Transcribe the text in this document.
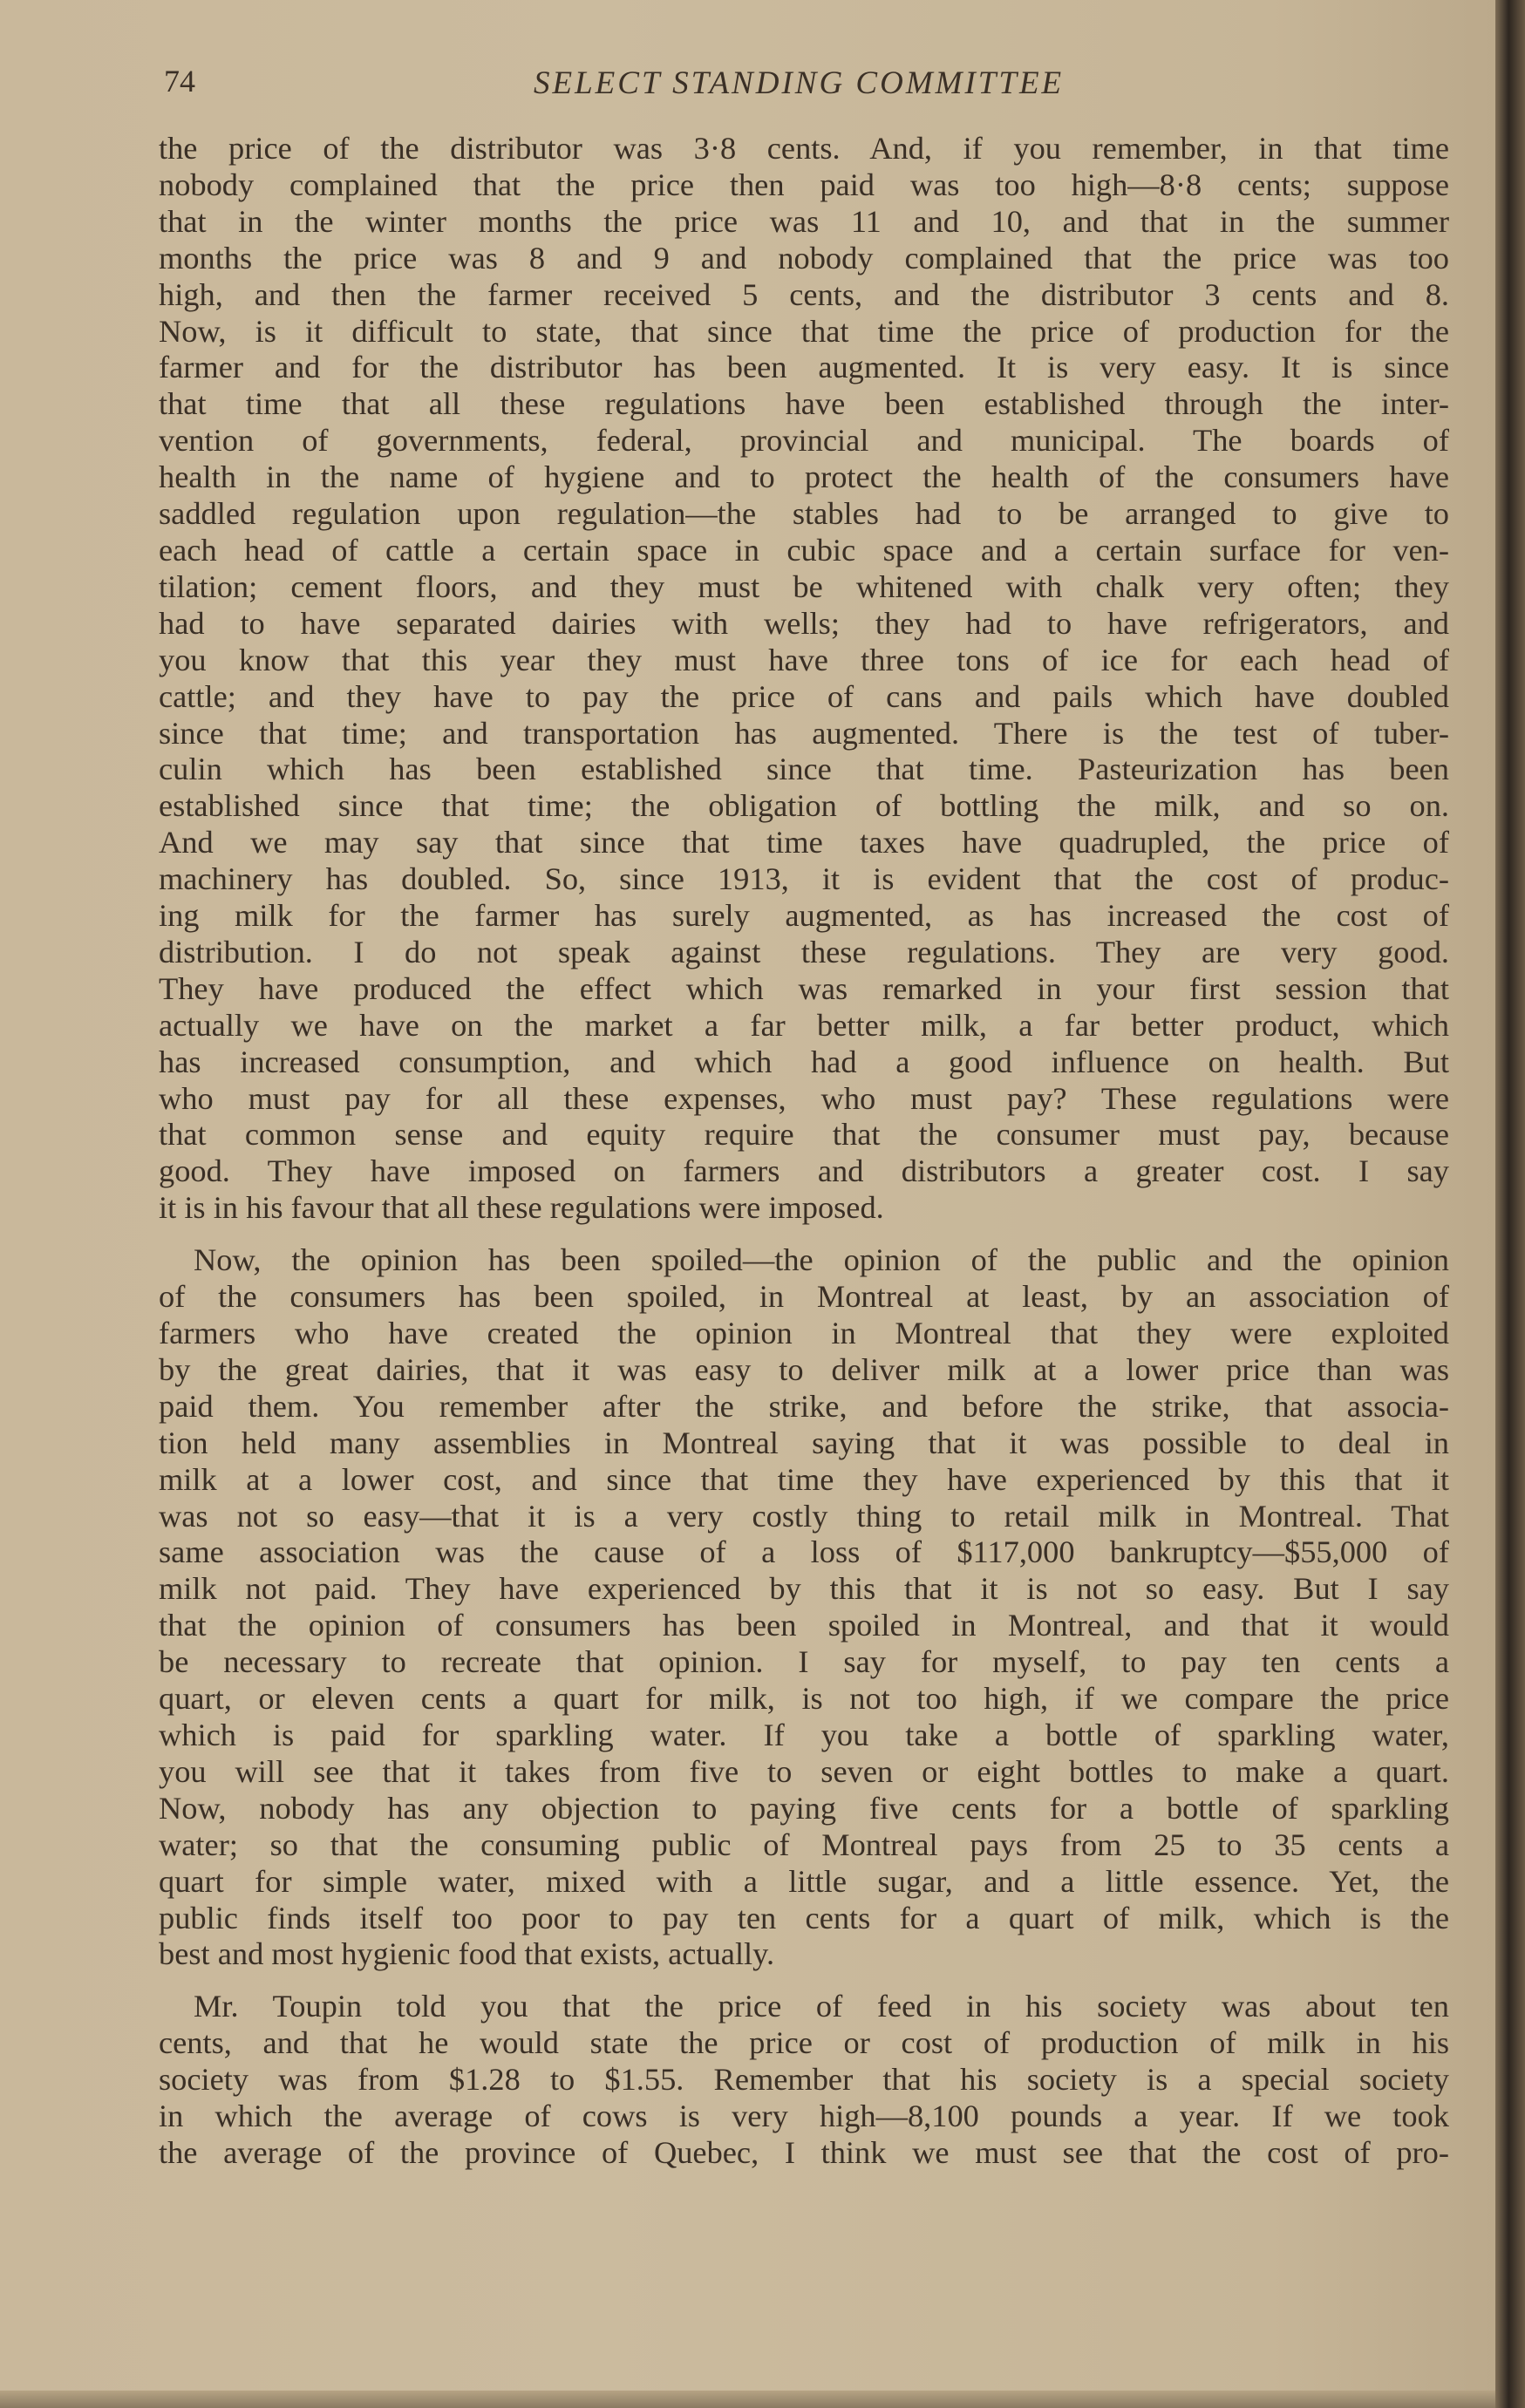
74	SELECT STANDING COMMITTEE
the price of the distributor was 3·8 cents. And, if you remember, in that time
nobody complained that the price then paid was too high—8·8 cents; suppose
that in the winter months the price was 11 and 10, and that in the summer
months the price was 8 and 9 and nobody complained that the price was too
high, and then the farmer received 5 cents, and the distributor 3 cents and 8.
Now, is it difficult to state, that since that time the price of production for the
farmer and for the distributor has been augmented. It is very easy. It is since
that time that all these regulations have been established through the inter-
vention of governments, federal, provincial and municipal. The boards of
health in the name of hygiene and to protect the health of the consumers have
saddled regulation upon regulation—the stables had to be arranged to give to
each head of cattle a certain space in cubic space and a certain surface for ven-
tilation; cement floors, and they must be whitened with chalk very often; they
had to have separated dairies with wells; they had to have refrigerators, and
you know that this year they must have three tons of ice for each head of
cattle; and they have to pay the price of cans and pails which have doubled
since that time; and transportation has augmented. There is the test of tuber-
culin which has been established since that time. Pasteurization has been
established since that time; the obligation of bottling the milk, and so on.
And we may say that since that time taxes have quadrupled, the price of
machinery has doubled. So, since 1913, it is evident that the cost of produc-
ing milk for the farmer has surely augmented, as has increased the cost of
distribution. I do not speak against these regulations. They are very good.
They have produced the effect which was remarked in your first session that
actually we have on the market a far better milk, a far better product, which
has increased consumption, and which had a good influence on health. But
who must pay for all these expenses, who must pay? These regulations were
that common sense and equity require that the consumer must pay, because
good. They have imposed on farmers and distributors a greater cost. I say
it is in his favour that all these regulations were imposed.
Now, the opinion has been spoiled—the opinion of the public and the opinion
of the consumers has been spoiled, in Montreal at least, by an association of
farmers who have created the opinion in Montreal that they were exploited
by the great dairies, that it was easy to deliver milk at a lower price than was
paid them. You remember after the strike, and before the strike, that associa-
tion held many assemblies in Montreal saying that it was possible to deal in
milk at a lower cost, and since that time they have experienced by this that it
was not so easy—that it is a very costly thing to retail milk in Montreal. That
same association was the cause of a loss of $117,000 bankruptcy—$55,000 of
milk not paid. They have experienced by this that it is not so easy. But I say
that the opinion of consumers has been spoiled in Montreal, and that it would
be necessary to recreate that opinion. I say for myself, to pay ten cents a
quart, or eleven cents a quart for milk, is not too high, if we compare the price
which is paid for sparkling water. If you take a bottle of sparkling water,
you will see that it takes from five to seven or eight bottles to make a quart.
Now, nobody has any objection to paying five cents for a bottle of sparkling
water; so that the consuming public of Montreal pays from 25 to 35 cents a
quart for simple water, mixed with a little sugar, and a little essence. Yet, the
public finds itself too poor to pay ten cents for a quart of milk, which is the
best and most hygienic food that exists, actually.
Mr. Toupin told you that the price of feed in his society was about ten
cents, and that he would state the price or cost of production of milk in his
society was from $1.28 to $1.55. Remember that his society is a special society
in which the average of cows is very high—8,100 pounds a year. If we took
the average of the province of Quebec, I think we must see that the cost of pro-
